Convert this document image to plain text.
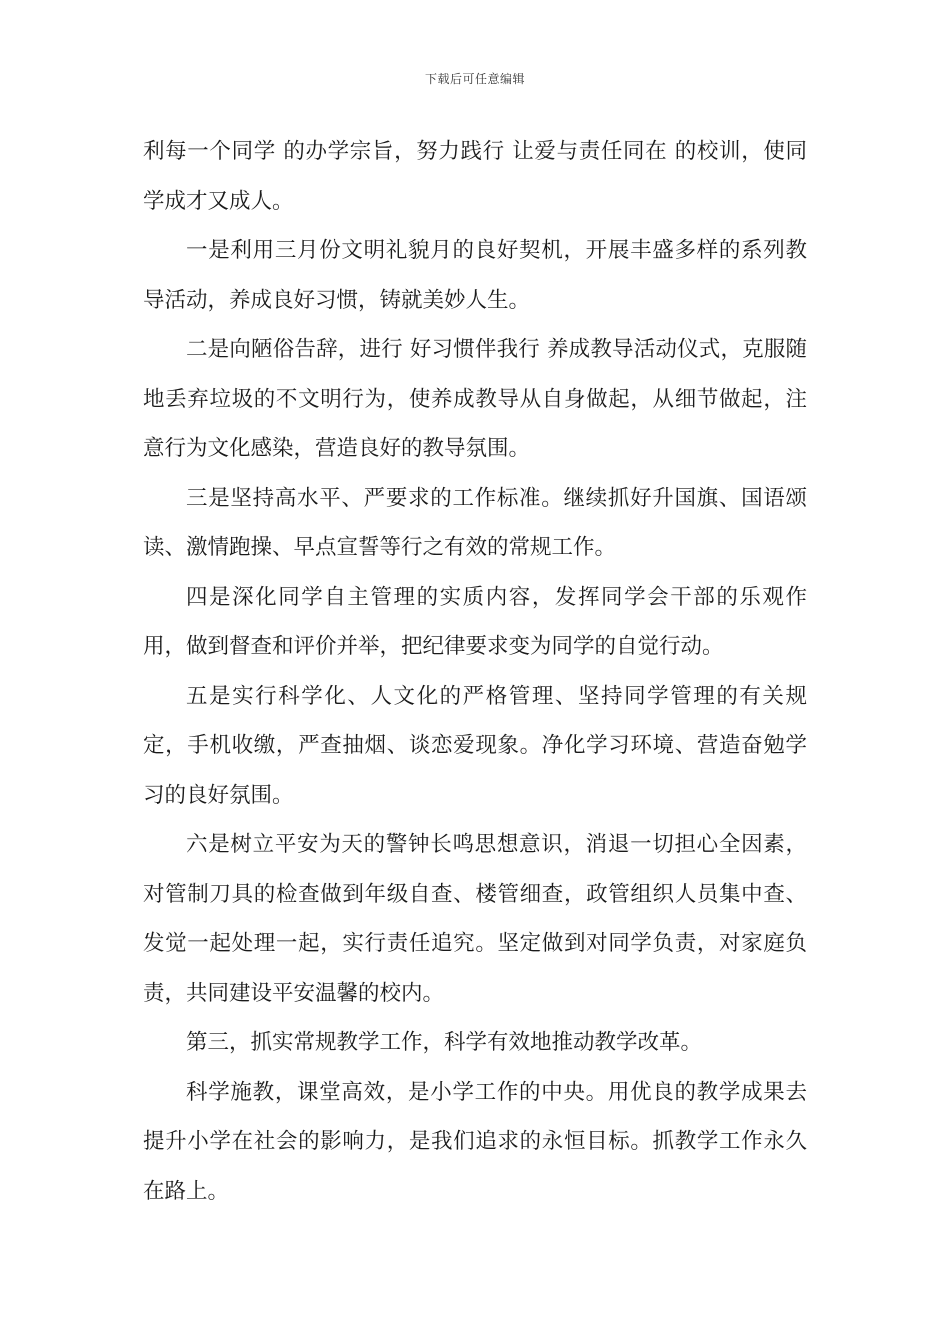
下载后可任意编辑

利每一个同学 的办学宗旨，努力践行 让爱与责任同在 的校训，使同学成才又成人。

一是利用三月份文明礼貌月的良好契机，开展丰盛多样的系列教导活动，养成良好习惯，铸就美妙人生。

二是向陋俗告辞，进行 好习惯伴我行 养成教导活动仪式，克服随地丢弃垃圾的不文明行为，使养成教导从自身做起，从细节做起，注意行为文化感染，营造良好的教导氛围。

三是坚持高水平、严要求的工作标准。继续抓好升国旗、国语颂读、激情跑操、早点宣誓等行之有效的常规工作。

四是深化同学自主管理的实质内容，发挥同学会干部的乐观作用，做到督查和评价并举，把纪律要求变为同学的自觉行动。

五是实行科学化、人文化的严格管理、坚持同学管理的有关规定，手机收缴，严查抽烟、谈恋爱现象。净化学习环境、营造奋勉学习的良好氛围。

六是树立平安为天的警钟长鸣思想意识，消退一切担心全因素，对管制刀具的检查做到年级自查、楼管细查，政管组织人员集中查、发觉一起处理一起，实行责任追究。坚定做到对同学负责，对家庭负责，共同建设平安温馨的校内。

第三，抓实常规教学工作，科学有效地推动教学改革。

科学施教，课堂高效，是小学工作的中央。用优良的教学成果去提升小学在社会的影响力，是我们追求的永恒目标。抓教学工作永久在路上。
